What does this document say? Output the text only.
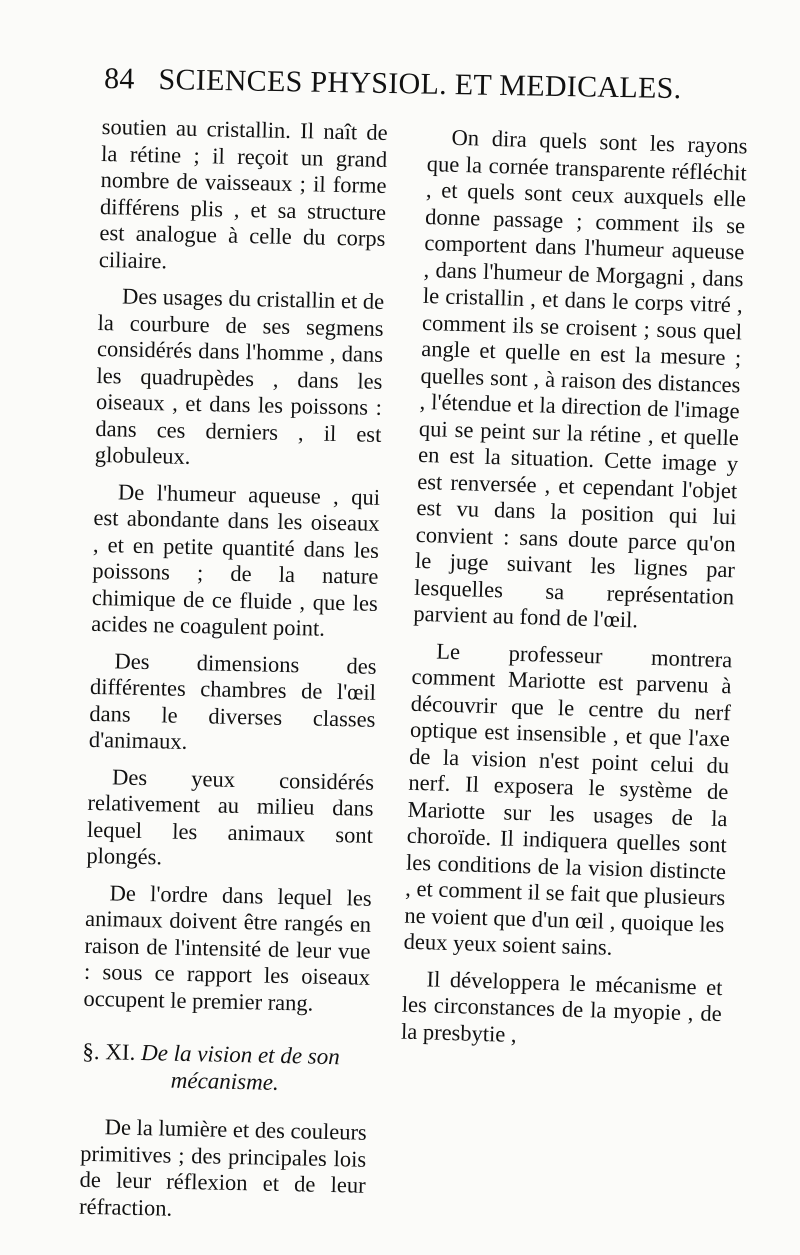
84 SCIENCES PHYSIOL. ET MEDICALES.

soutien au cristallin. Il naît de la rétine ; il reçoit un grand nombre de vaisseaux ; il forme différens plis , et sa structure est analogue à celle du corps ciliaire.

Des usages du cristallin et de la courbure de ses segmens considérés dans l'homme , dans les quadrupèdes , dans les oiseaux , et dans les poissons : dans ces derniers , il est globuleux.

De l'humeur aqueuse , qui est abondante dans les oiseaux , et en petite quantité dans les poissons ; de la nature chimique de ce fluide , que les acides ne coagulent point.

Des dimensions des différentes chambres de l'œil dans le diverses classes d'animaux.

Des yeux considérés relativement au milieu dans lequel les animaux sont plongés.

De l'ordre dans lequel les animaux doivent être rangés en raison de l'intensité de leur vue : sous ce rapport les oiseaux occupent le premier rang.

§. XI. De la vision et de son
mécanisme.

De la lumière et des couleurs primitives ; des principales lois de leur réflexion et de leur réfraction.

On dira quels sont les rayons que la cornée transparente réfléchit , et quels sont ceux auxquels elle donne passage ; comment ils se comportent dans l'humeur aqueuse , dans l'humeur de Morgagni , dans le cristallin , et dans le corps vitré , comment ils se croisent ; sous quel angle et quelle en est la mesure ; quelles sont , à raison des distances , l'étendue et la direction de l'image qui se peint sur la rétine , et quelle en est la situation. Cette image y est renversée , et cependant l'objet est vu dans la position qui lui convient : sans doute parce qu'on le juge suivant les lignes par lesquelles sa représentation parvient au fond de l'œil.

Le professeur montrera comment Mariotte est parvenu à découvrir que le centre du nerf optique est insensible , et que l'axe de la vision n'est point celui du nerf. Il exposera le système de Mariotte sur les usages de la choroïde. Il indiquera quelles sont les conditions de la vision distincte , et comment il se fait que plusieurs ne voient que d'un œil , quoique les deux yeux soient sains.

Il développera le mécanisme et les circonstances de la myopie , de la presbytie ,
